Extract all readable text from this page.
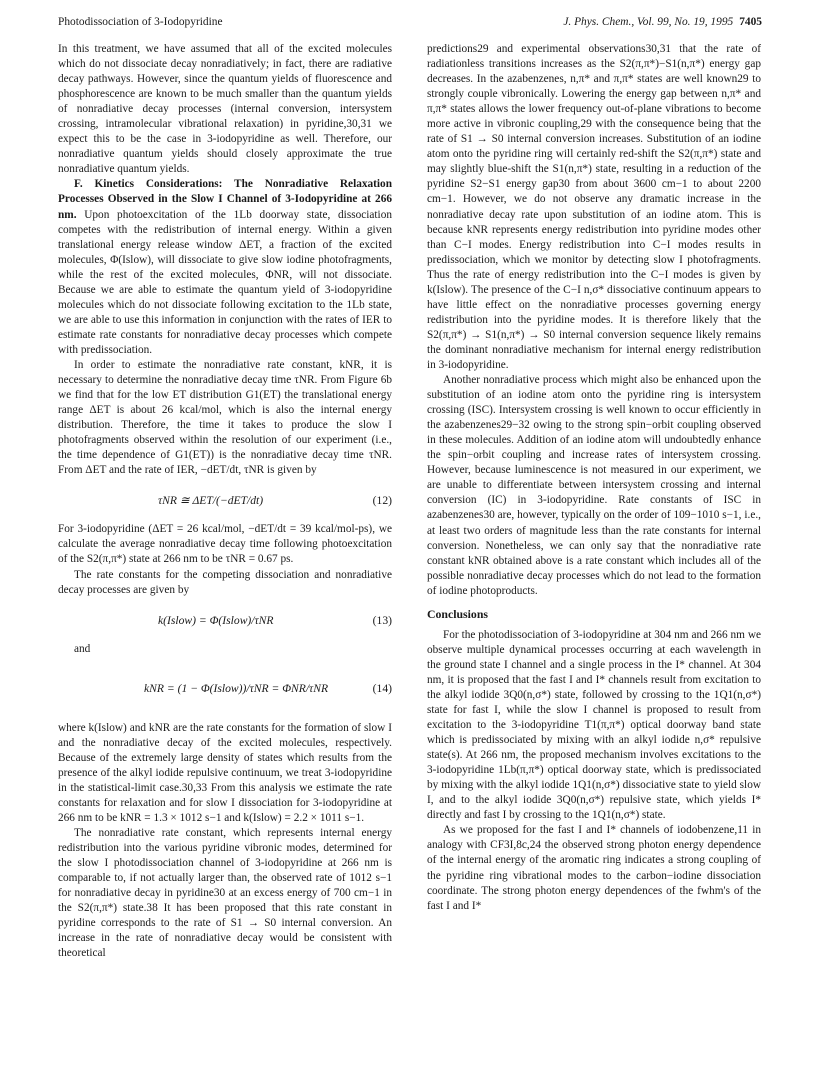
Photodissociation of 3-Iodopyridine	J. Phys. Chem., Vol. 99, No. 19, 1995 7405

In this treatment, we have assumed that all of the excited molecules which do not dissociate decay nonradiatively; in fact, there are radiative decay pathways. However, since the quantum yields of fluorescence and phosphorescence are known to be much smaller than the quantum yields of nonradiative decay processes (internal conversion, intersystem crossing, intramolecular vibrational relaxation) in pyridine,30,31 we expect this to be the case in 3-iodopyridine as well. Therefore, our nonradiative quantum yields should closely approximate the true nonradiative quantum yields.

F. Kinetics Considerations: The Nonradiative Relaxation Processes Observed in the Slow I Channel of 3-Iodopyridine at 266 nm. Upon photoexcitation of the 1Lb doorway state, dissociation competes with the redistribution of internal energy. Within a given translational energy release window ΔET, a fraction of the excited molecules, Φ(Islow), will dissociate to give slow iodine photofragments, while the rest of the excited molecules, ΦNR, will not dissociate. Because we are able to estimate the quantum yield of 3-iodopyridine molecules which do not dissociate following excitation to the 1Lb state, we are able to use this information in conjunction with the rates of IER to estimate rate constants for nonradiative decay processes which compete with predissociation.

In order to estimate the nonradiative rate constant, kNR, it is necessary to determine the nonradiative decay time τNR. From Figure 6b we find that for the low ET distribution G1(ET) the translational energy range ΔET is about 26 kcal/mol, which is also the internal energy distribution. Therefore, the time it takes to produce the slow I photofragments observed within the resolution of our experiment (i.e., the time dependence of G1(ET)) is the nonradiative decay time τNR. From ΔET and the rate of IER, −dET/dt, τNR is given by

τNR ≅ ΔET/(−dET/dt)	(12)

For 3-iodopyridine (ΔET = 26 kcal/mol, −dET/dt = 39 kcal/mol-ps), we calculate the average nonradiative decay time following photoexcitation of the S2(π,π*) state at 266 nm to be τNR = 0.67 ps.

The rate constants for the competing dissociation and nonradiative decay processes are given by

k(Islow) = Φ(Islow)/τNR	(13)

and

kNR = (1 − Φ(Islow))/τNR = ΦNR/τNR	(14)

where k(Islow) and kNR are the rate constants for the formation of slow I and the nonradiative decay of the excited molecules, respectively. Because of the extremely large density of states which results from the presence of the alkyl iodide repulsive continuum, we treat 3-iodopyridine in the statistical-limit case.30,33 From this analysis we estimate the rate constants for relaxation and for slow I dissociation for 3-iodopyridine at 266 nm to be kNR = 1.3 × 1012 s−1 and k(Islow) = 2.2 × 1011 s−1.

The nonradiative rate constant, which represents internal energy redistribution into the various pyridine vibronic modes, determined for the slow I photodissociation channel of 3-iodopyridine at 266 nm is comparable to, if not actually larger than, the observed rate of 1012 s−1 for nonradiative decay in pyridine30 at an excess energy of 700 cm−1 in the S2(π,π*) state.38 It has been proposed that this rate constant in pyridine corresponds to the rate of S1 → S0 internal conversion. An increase in the rate of nonradiative decay would be consistent with theoretical

predictions29 and experimental observations30,31 that the rate of radiationless transitions increases as the S2(π,π*)−S1(n,π*) energy gap decreases. In the azabenzenes, n,π* and π,π* states are well known29 to strongly couple vibronically. Lowering the energy gap between n,π* and π,π* states allows the lower frequency out-of-plane vibrations to become more active in vibronic coupling,29 with the consequence being that the rate of S1 → S0 internal conversion increases. Substitution of an iodine atom onto the pyridine ring will certainly red-shift the S2(π,π*) state and may slightly blue-shift the S1(n,π*) state, resulting in a reduction of the pyridine S2−S1 energy gap30 from about 3600 cm−1 to about 2200 cm−1. However, we do not observe any dramatic increase in the nonradiative decay rate upon substitution of an iodine atom. This is because kNR represents energy redistribution into pyridine modes other than C−I modes. Energy redistribution into C−I modes results in predissociation, which we monitor by detecting slow I photofragments. Thus the rate of energy redistribution into the C−I modes is given by k(Islow). The presence of the C−I n,σ* dissociative continuum appears to have little effect on the nonradiative processes governing energy redistribution into the pyridine modes. It is therefore likely that the S2(π,π*) → S1(n,π*) → S0 internal conversion sequence likely remains the dominant nonradiative mechanism for internal energy redistribution in 3-iodopyridine.

Another nonradiative process which might also be enhanced upon the substitution of an iodine atom onto the pyridine ring is intersystem crossing (ISC). Intersystem crossing is well known to occur efficiently in the azabenzenes29−32 owing to the strong spin−orbit coupling observed in these molecules. Addition of an iodine atom will undoubtedly enhance the spin−orbit coupling and increase rates of intersystem crossing. However, because luminescence is not measured in our experiment, we are unable to differentiate between intersystem crossing and internal conversion (IC) in 3-iodopyridine. Rate constants of ISC in azabenzenes30 are, however, typically on the order of 109−1010 s−1, i.e., at least two orders of magnitude less than the rate constants for internal conversion. Nonetheless, we can only say that the nonradiative rate constant kNR obtained above is a rate constant which includes all of the possible nonradiative decay processes which do not lead to the formation of iodine photoproducts.

Conclusions

For the photodissociation of 3-iodopyridine at 304 nm and 266 nm we observe multiple dynamical processes occurring at each wavelength in the ground state I channel and a single process in the I* channel. At 304 nm, it is proposed that the fast I and I* channels result from excitation to the alkyl iodide 3Q0(n,σ*) state, followed by crossing to the 1Q1(n,σ*) state for fast I, while the slow I channel is proposed to result from excitation to the 3-iodopyridine T1(π,π*) optical doorway band state which is predissociated by mixing with an alkyl iodide n,σ* repulsive state(s). At 266 nm, the proposed mechanism involves excitations to the 3-iodopyridine 1Lb(π,π*) optical doorway state, which is predissociated by mixing with the alkyl iodide 1Q1(n,σ*) dissociative state to yield slow I, and to the alkyl iodide 3Q0(n,σ*) repulsive state, which yields I* directly and fast I by crossing to the 1Q1(n,σ*) state.

As we proposed for the fast I and I* channels of iodobenzene,11 in analogy with CF3I,8c,24 the observed strong photon energy dependence of the internal energy of the aromatic ring indicates a strong coupling of the pyridine ring vibrational modes to the carbon−iodine dissociation coordinate. The strong photon energy dependences of the fwhm's of the fast I and I*
